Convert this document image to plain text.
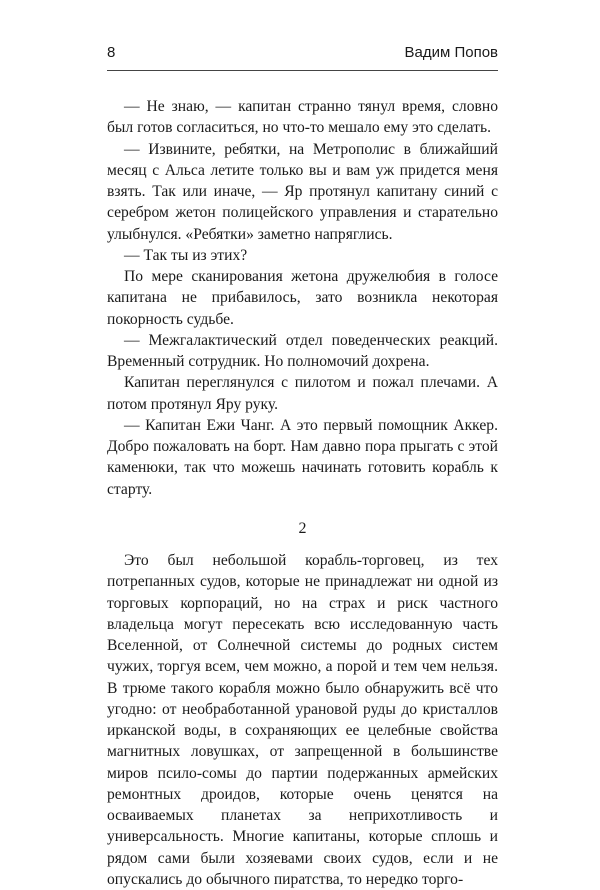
8	Вадим Попов

— Не знаю, — капитан странно тянул время, словно был готов согласиться, но что-то мешало ему это сделать.

— Извините, ребятки, на Метрополис в ближайший месяц с Альса летите только вы и вам уж придется меня взять. Так или иначе, — Яр протянул капитану синий с серебром жетон полицейского управления и старательно улыбнулся. «Ребятки» заметно напряглись.

— Так ты из этих?

По мере сканирования жетона дружелюбия в голосе капитана не прибавилось, зато возникла некоторая покорность судьбе.

— Межгалактический отдел поведенческих реакций. Временный сотрудник. Но полномочий дохрена.

Капитан переглянулся с пилотом и пожал плечами. А потом протянул Яру руку.

— Капитан Ежи Чанг. А это первый помощник Аккер. Добро пожаловать на борт. Нам давно пора прыгать с этой каменюки, так что можешь начинать готовить корабль к старту.

2

Это был небольшой корабль-торговец, из тех потрепанных судов, которые не принадлежат ни одной из торговых корпораций, но на страх и риск частного владельца могут пересекать всю исследованную часть Вселенной, от Солнечной системы до родных систем чужих, торгуя всем, чем можно, а порой и тем чем нельзя. В трюме такого корабля можно было обнаружить всё что угодно: от необработанной урановой руды до кристаллов ирканской воды, в сохраняющих ее целебные свойства магнитных ловушках, от запрещенной в большинстве миров псило-сомы до партии подержанных армейских ремонтных дроидов, которые очень ценятся на осваиваемых планетах за неприхотливость и универсальность. Многие капитаны, которые сплошь и рядом сами были хозяевами своих судов, если и не опускались до обычного пиратства, то нередко торго-
